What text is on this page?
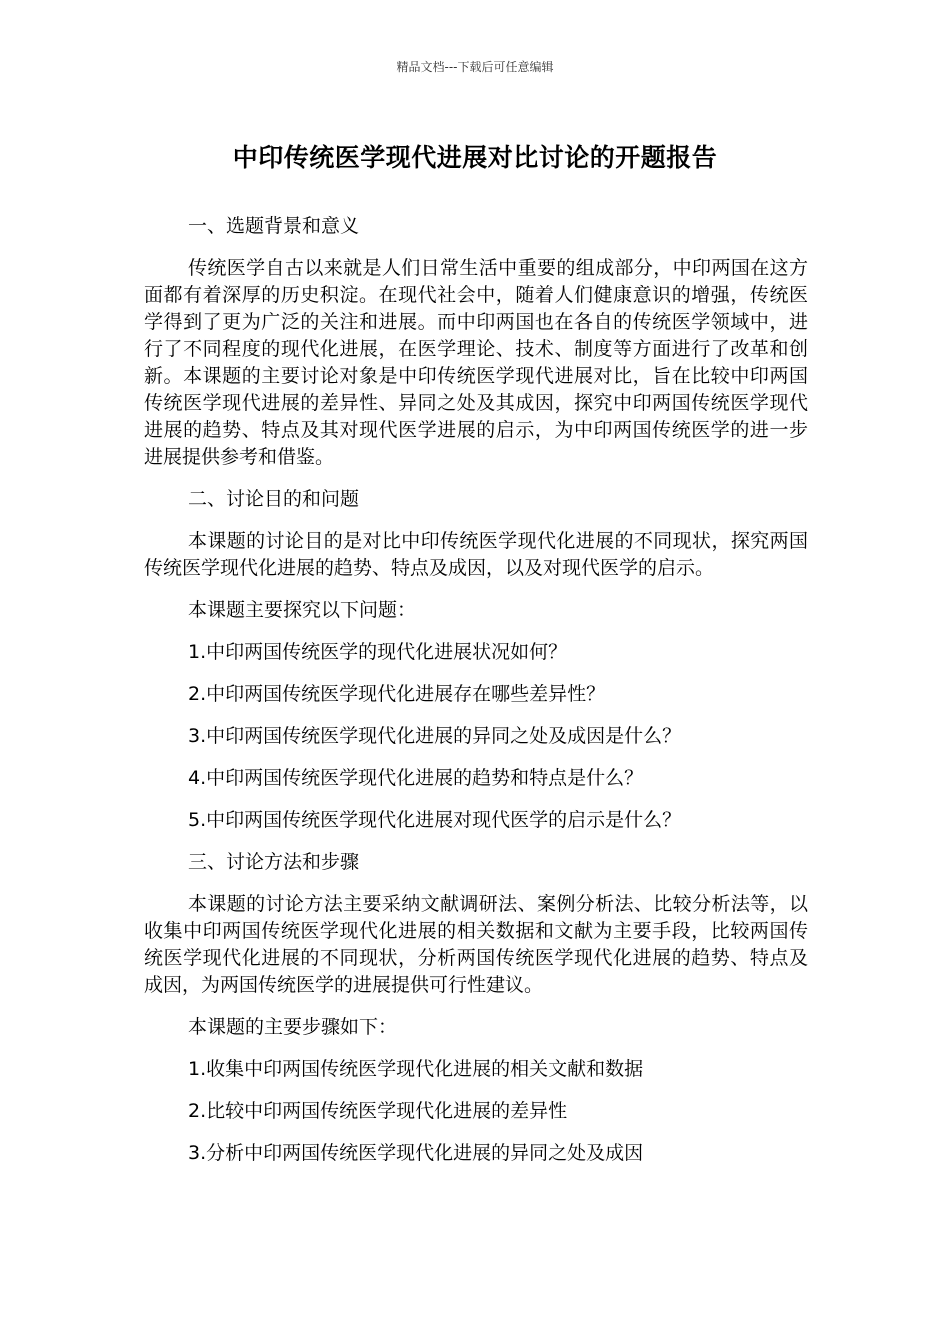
精品文档---下载后可任意编辑
中印传统医学现代进展对比讨论的开题报告

一、选题背景和意义

传统医学自古以来就是人们日常生活中重要的组成部分，中印两国在这方面都有着深厚的历史积淀。在现代社会中，随着人们健康意识的增强，传统医学得到了更为广泛的关注和进展。而中印两国也在各自的传统医学领域中，进行了不同程度的现代化进展，在医学理论、技术、制度等方面进行了改革和创新。本课题的主要讨论对象是中印传统医学现代进展对比，旨在比较中印两国传统医学现代进展的差异性、异同之处及其成因，探究中印两国传统医学现代进展的趋势、特点及其对现代医学进展的启示，为中印两国传统医学的进一步进展提供参考和借鉴。

二、讨论目的和问题

本课题的讨论目的是对比中印传统医学现代化进展的不同现状，探究两国传统医学现代化进展的趋势、特点及成因，以及对现代医学的启示。

本课题主要探究以下问题：

1.中印两国传统医学的现代化进展状况如何？

2.中印两国传统医学现代化进展存在哪些差异性？

3.中印两国传统医学现代化进展的异同之处及成因是什么？

4.中印两国传统医学现代化进展的趋势和特点是什么？

5.中印两国传统医学现代化进展对现代医学的启示是什么？

三、讨论方法和步骤

本课题的讨论方法主要采纳文献调研法、案例分析法、比较分析法等，以收集中印两国传统医学现代化进展的相关数据和文献为主要手段，比较两国传统医学现代化进展的不同现状，分析两国传统医学现代化进展的趋势、特点及成因，为两国传统医学的进展提供可行性建议。

本课题的主要步骤如下：

1.收集中印两国传统医学现代化进展的相关文献和数据

2.比较中印两国传统医学现代化进展的差异性

3.分析中印两国传统医学现代化进展的异同之处及成因
